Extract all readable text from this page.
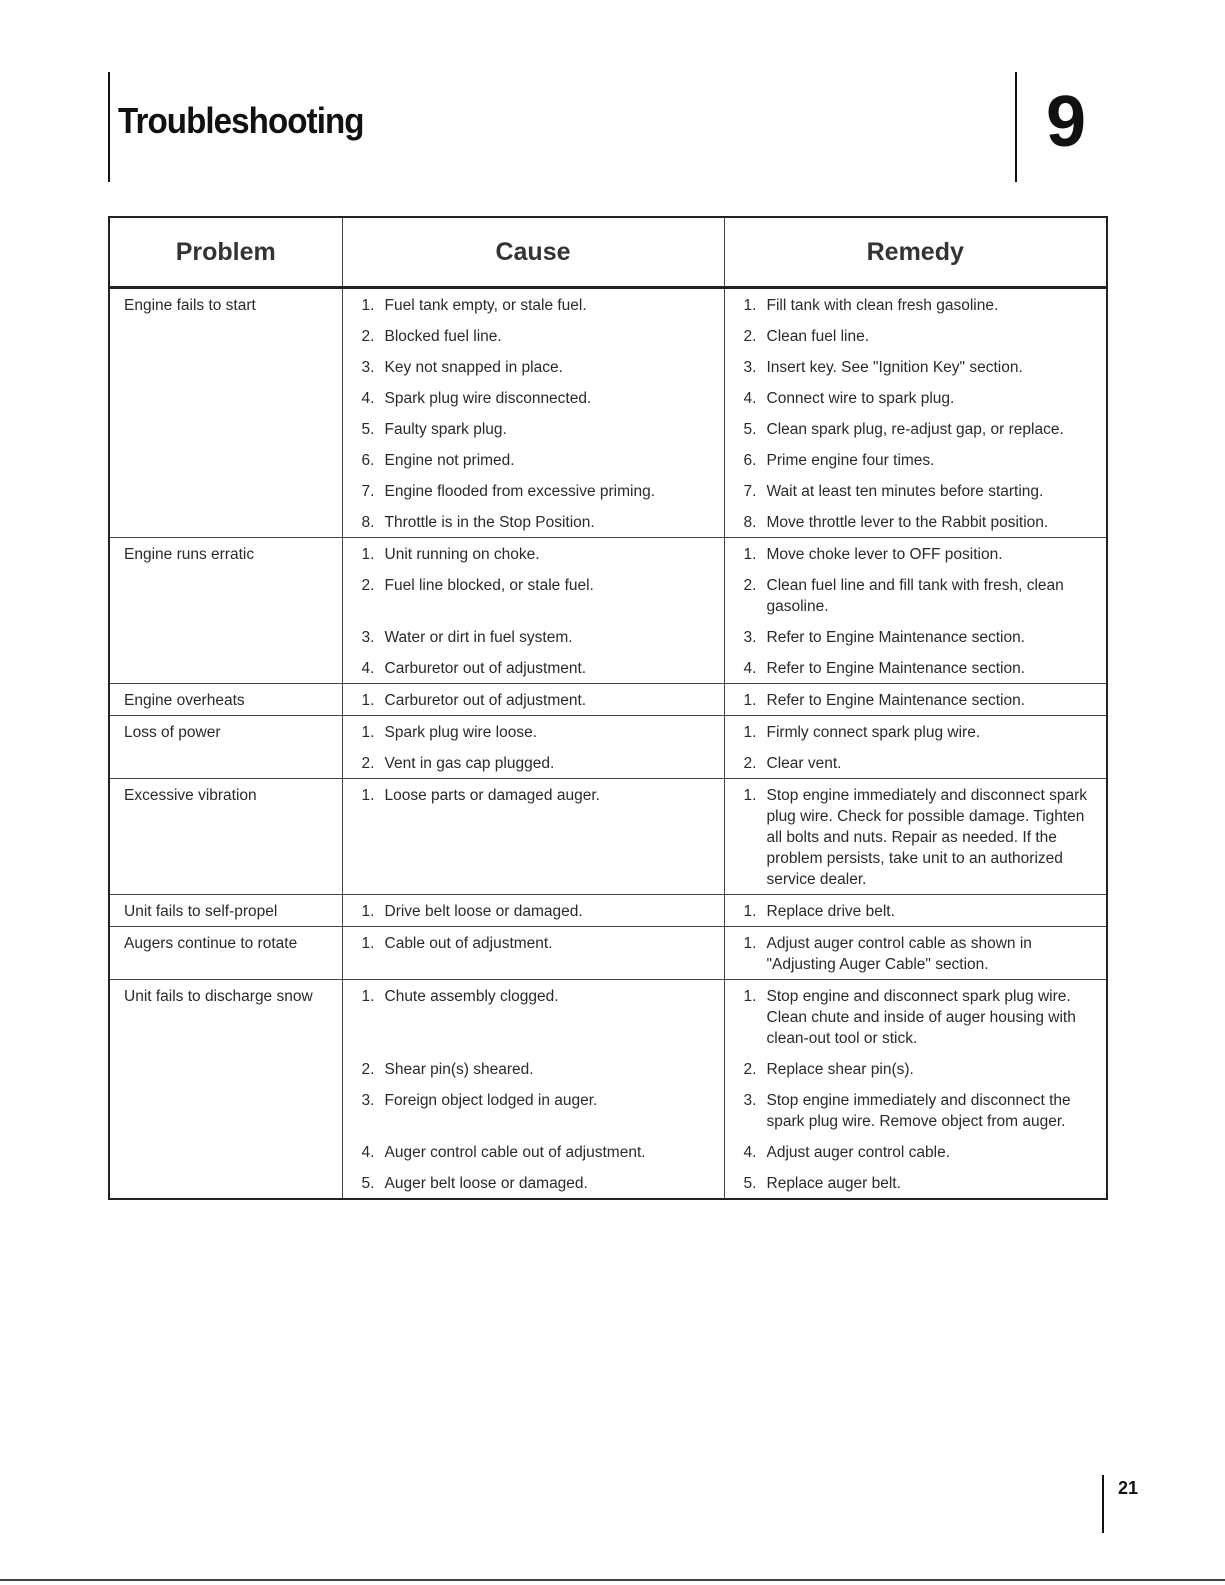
Troubleshooting	9
Problem	Cause	Remedy
Engine fails to start	1. Fuel tank empty, or stale fuel.	1. Fill tank with clean fresh gasoline.

	2. Blocked fuel line.	2. Clean fuel line.

	3. Key not snapped in place.	3. Insert key. See "Ignition Key" section.

	4. Spark plug wire disconnected.	4. Connect wire to spark plug.

	5. Faulty spark plug.	5. Clean spark plug, re-adjust gap, or replace.

	6. Engine not primed.	6. Prime engine four times.

	7. Engine flooded from excessive priming.	7. Wait at least ten minutes before starting.

	8. Throttle is in the Stop Position.	8. Move throttle lever to the Rabbit position.

Engine runs erratic	1. Unit running on choke.	1. Move choke lever to OFF position.

	2. Fuel line blocked, or stale fuel.	2. Clean fuel line and fill tank with fresh, clean gasoline.

	3. Water or dirt in fuel system.	3. Refer to Engine Maintenance section.

	4. Carburetor out of adjustment.	4. Refer to Engine Maintenance section.

Engine overheats	1. Carburetor out of adjustment.	1. Refer to Engine Maintenance section.

Loss of power	1. Spark plug wire loose.	1. Firmly connect spark plug wire.

	2. Vent in gas cap plugged.	2. Clear vent.

Excessive vibration	1. Loose parts or damaged auger.	1. Stop engine immediately and disconnect spark plug wire. Check for possible damage. Tighten all bolts and nuts. Repair as needed. If the problem persists, take unit to an authorized service dealer.

Unit fails to self-propel	1. Drive belt loose or damaged.	1. Replace drive belt.

Augers continue to rotate	1. Cable out of adjustment.	1. Adjust auger control cable as shown in "Adjusting Auger Cable" section.

Unit fails to discharge snow	1. Chute assembly clogged.	1. Stop engine and disconnect spark plug wire. Clean chute and inside of auger housing with clean-out tool or stick.

	2. Shear pin(s) sheared.	2. Replace shear pin(s).

	3. Foreign object lodged in auger.	3. Stop engine immediately and disconnect the spark plug wire. Remove object from auger.

	4. Auger control cable out of adjustment.	4. Adjust auger control cable.

	5. Auger belt loose or damaged.	5. Replace auger belt.
21
